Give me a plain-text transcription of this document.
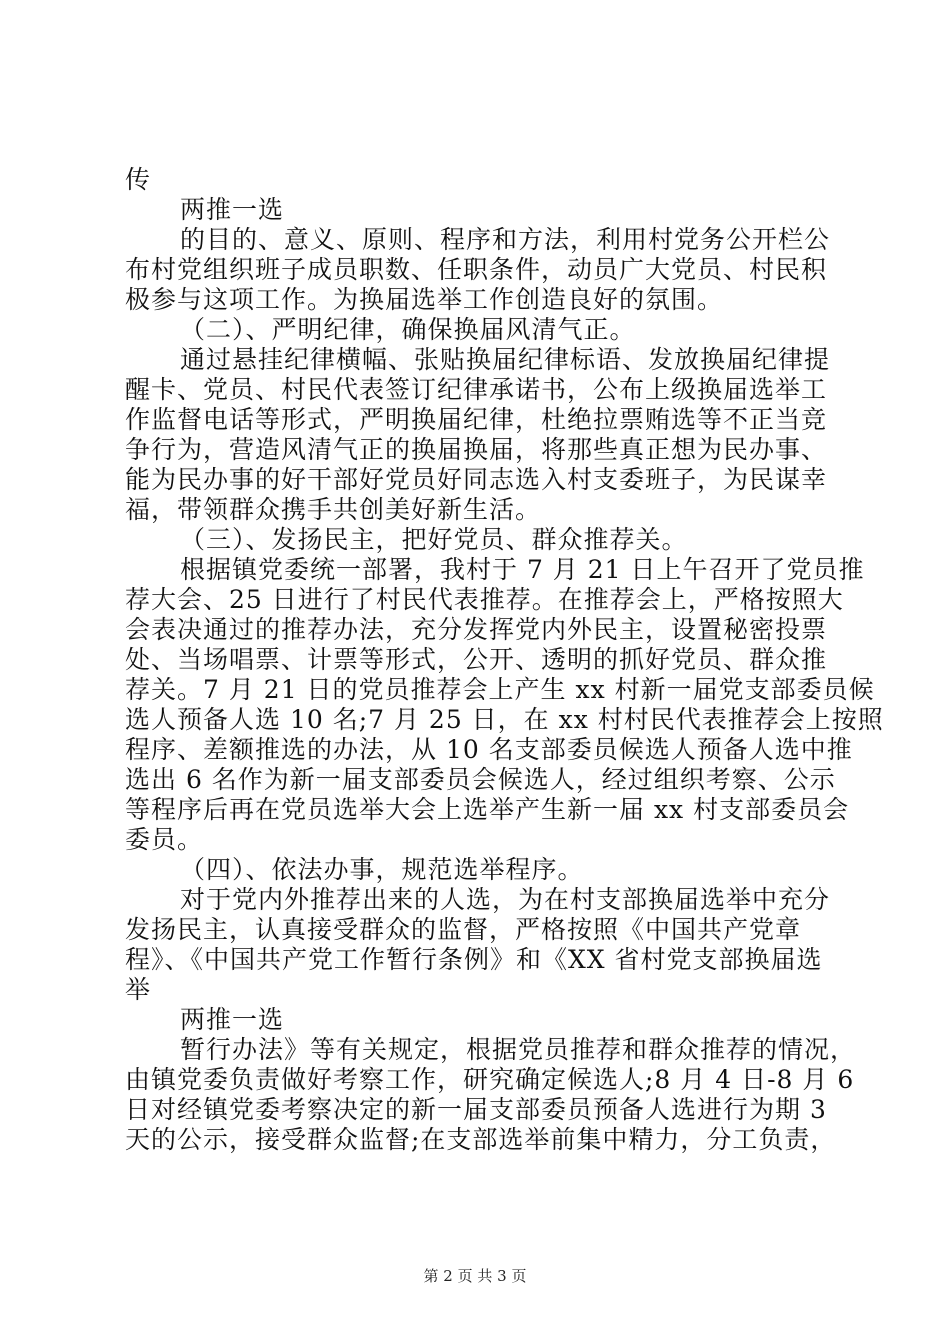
传
两推一选
的目的、意义、原则、程序和方法，利用村党务公开栏公
布村党组织班子成员职数、任职条件，动员广大党员、村民积
极参与这项工作。为换届选举工作创造良好的氛围。
（二）、严明纪律，确保换届风清气正。
通过悬挂纪律横幅、张贴换届纪律标语、发放换届纪律提
醒卡、党员、村民代表签订纪律承诺书，公布上级换届选举工
作监督电话等形式，严明换届纪律，杜绝拉票贿选等不正当竞
争行为，营造风清气正的换届换届，将那些真正想为民办事、
能为民办事的好干部好党员好同志选入村支委班子，为民谋幸
福，带领群众携手共创美好新生活。
（三）、发扬民主，把好党员、群众推荐关。
根据镇党委统一部署，我村于 7 月 21 日上午召开了党员推
荐大会、25 日进行了村民代表推荐。在推荐会上，严格按照大
会表决通过的推荐办法，充分发挥党内外民主，设置秘密投票
处、当场唱票、计票等形式，公开、透明的抓好党员、群众推
荐关。7 月 21 日的党员推荐会上产生 xx 村新一届党支部委员候
选人预备人选 10 名;7 月 25 日，在 xx 村村民代表推荐会上按照
程序、差额推选的办法，从 10 名支部委员候选人预备人选中推
选出 6 名作为新一届支部委员会候选人，经过组织考察、公示
等程序后再在党员选举大会上选举产生新一届 xx 村支部委员会
委员。
（四）、依法办事，规范选举程序。
对于党内外推荐出来的人选，为在村支部换届选举中充分
发扬民主，认真接受群众的监督，严格按照《中国共产党章
程》、《中国共产党工作暂行条例》和《XX 省村党支部换届选
举
两推一选
暂行办法》等有关规定，根据党员推荐和群众推荐的情况，
由镇党委负责做好考察工作，研究确定候选人;8 月 4 日-8 月 6
日对经镇党委考察决定的新一届支部委员预备人选进行为期 3
天的公示，接受群众监督;在支部选举前集中精力，分工负责，
第 2 页 共 3 页
